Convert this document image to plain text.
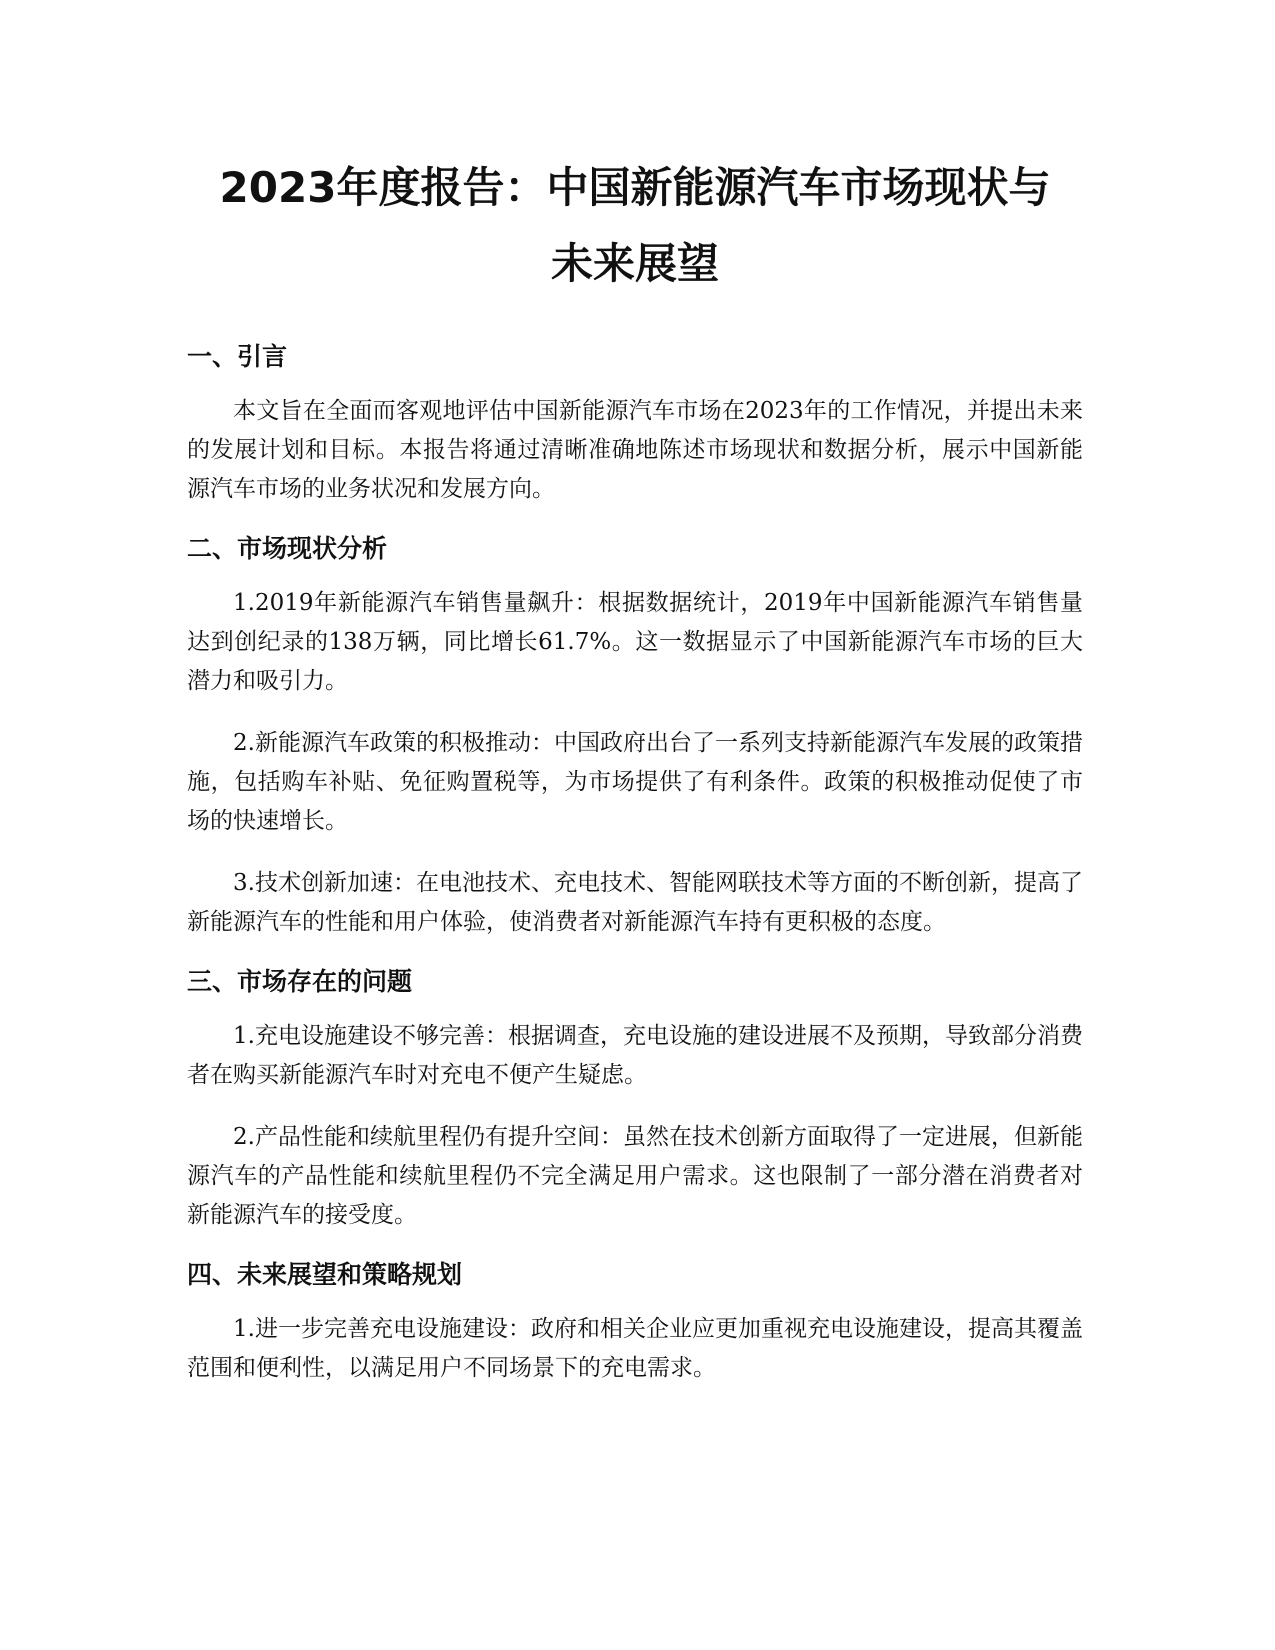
2023年度报告：中国新能源汽车市场现状与
未来展望
一、引言

本文旨在全面而客观地评估中国新能源汽车市场在2023年的工作情况，并提出未来的发展计划和目标。本报告将通过清晰准确地陈述市场现状和数据分析，展示中国新能源汽车市场的业务状况和发展方向。

二、市场现状分析

1.2019年新能源汽车销售量飙升：根据数据统计，2019年中国新能源汽车销售量达到创纪录的138万辆，同比增长61.7%。这一数据显示了中国新能源汽车市场的巨大潜力和吸引力。

2.新能源汽车政策的积极推动：中国政府出台了一系列支持新能源汽车发展的政策措施，包括购车补贴、免征购置税等，为市场提供了有利条件。政策的积极推动促使了市场的快速增长。

3.技术创新加速：在电池技术、充电技术、智能网联技术等方面的不断创新，提高了新能源汽车的性能和用户体验，使消费者对新能源汽车持有更积极的态度。

三、市场存在的问题

1.充电设施建设不够完善：根据调查，充电设施的建设进展不及预期，导致部分消费者在购买新能源汽车时对充电不便产生疑虑。

2.产品性能和续航里程仍有提升空间：虽然在技术创新方面取得了一定进展，但新能源汽车的产品性能和续航里程仍不完全满足用户需求。这也限制了一部分潜在消费者对新能源汽车的接受度。

四、未来展望和策略规划

1.进一步完善充电设施建设：政府和相关企业应更加重视充电设施建设，提高其覆盖范围和便利性，以满足用户不同场景下的充电需求。
